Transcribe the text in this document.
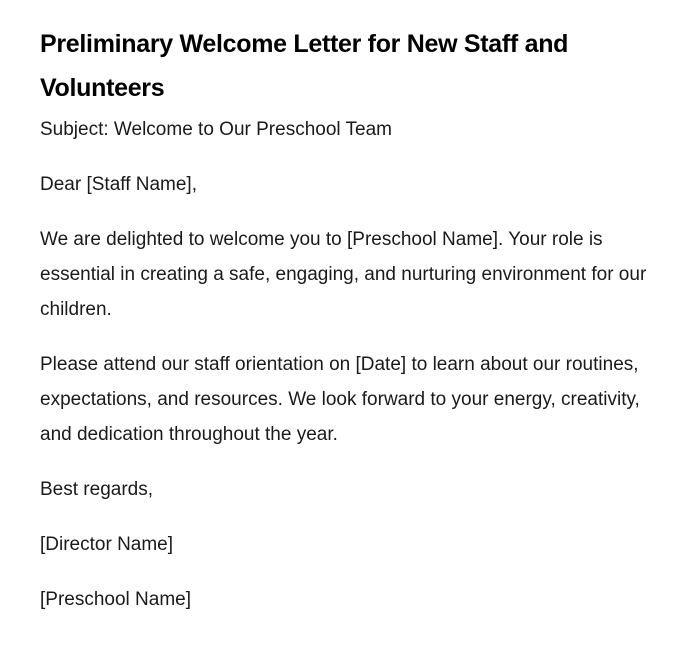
Preliminary Welcome Letter for New Staff and Volunteers

Subject: Welcome to Our Preschool Team

Dear [Staff Name],

We are delighted to welcome you to [Preschool Name]. Your role is essential in creating a safe, engaging, and nurturing environment for our children.

Please attend our staff orientation on [Date] to learn about our routines, expectations, and resources. We look forward to your energy, creativity, and dedication throughout the year.

Best regards,

[Director Name]

[Preschool Name]
